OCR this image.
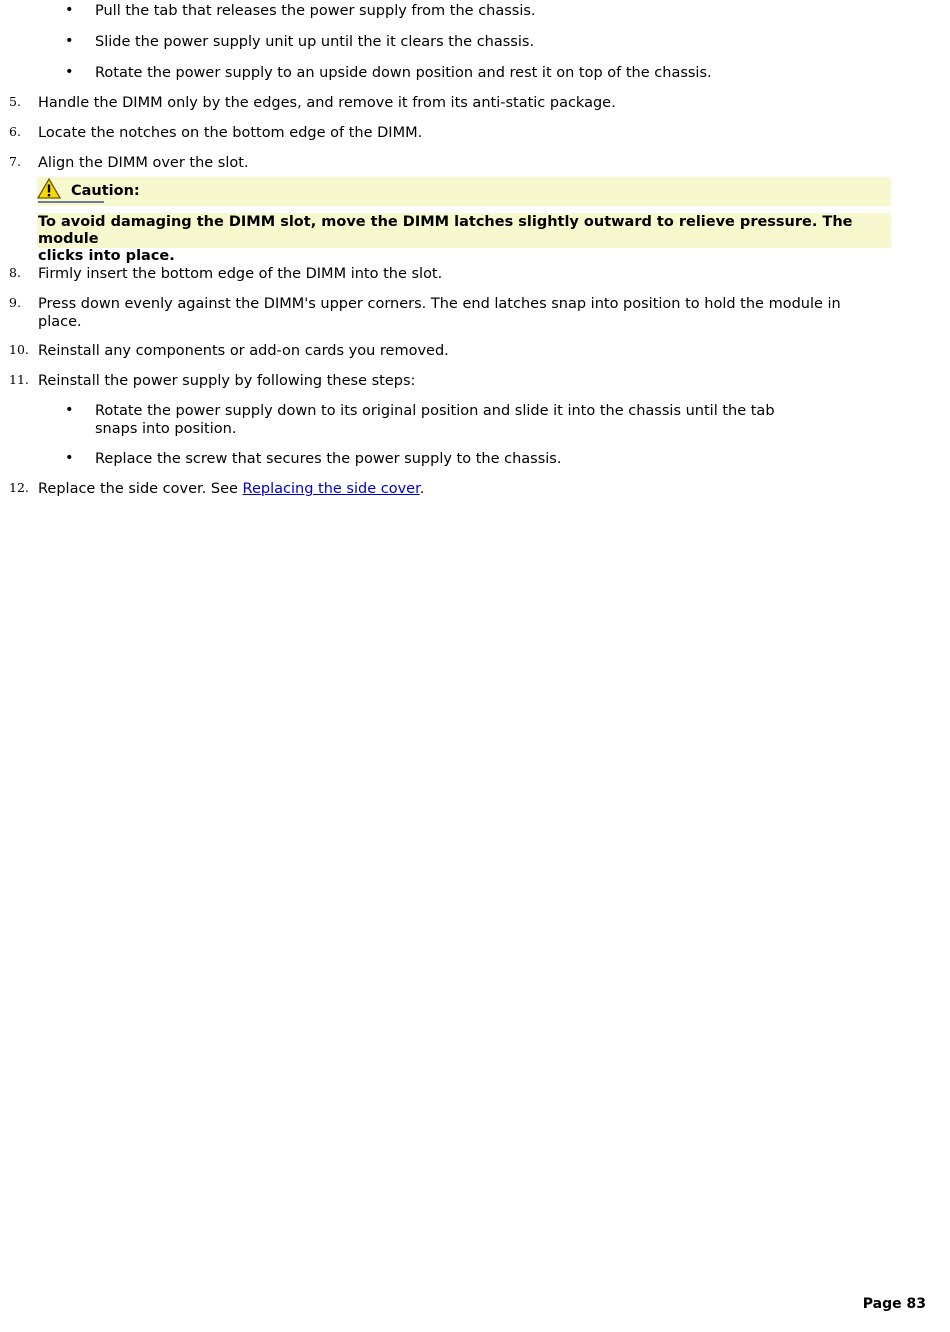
• Pull the tab that releases the power supply from the chassis.
• Slide the power supply unit up until the it clears the chassis.
• Rotate the power supply to an upside down position and rest it on top of the chassis.
5. Handle the DIMM only by the edges, and remove it from its anti-static package.
6. Locate the notches on the bottom edge of the DIMM.
7. Align the DIMM over the slot.
Caution:
To avoid damaging the DIMM slot, move the DIMM latches slightly outward to relieve pressure. The module
clicks into place.
8. Firmly insert the bottom edge of the DIMM into the slot.
9. Press down evenly against the DIMM's upper corners. The end latches snap into position to hold the module in
place.
10. Reinstall any components or add-on cards you removed.
11. Reinstall the power supply by following these steps:
• Rotate the power supply down to its original position and slide it into the chassis until the tab
snaps into position.
• Replace the screw that secures the power supply to the chassis.
12. Replace the side cover. See Replacing the side cover.
Page 83
